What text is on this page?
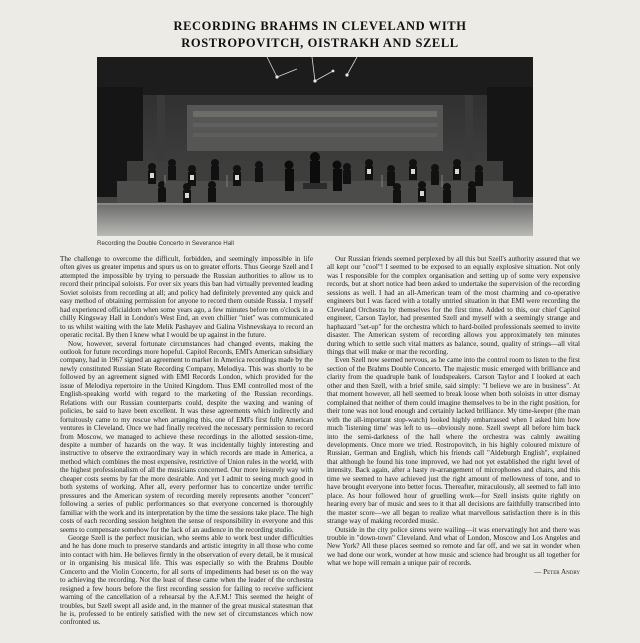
RECORDING BRAHMS IN CLEVELAND WITH
ROSTROPOVITCH, OISTRAKH AND SZELL
Recording the Double Concerto in Severance Hall

The challenge to overcome the difficult, forbidden, and seemingly impossible in life often gives us greater impetus and spurs us on to greater efforts. Thus George Szell and I attempted the impossible by trying to persuade the Russian authorities to allow us to record their principal soloists. For over six years this ban had virtually prevented leading Soviet soloists from recording at all; and policy had definitely prevented any quick and easy method of obtaining permission for anyone to record them outside Russia. I myself had experienced officialdom when some years ago, a few minutes before ten o'clock in a chilly Kingsway Hall in London's West End, an even chillier "niet" was communicated to us whilst waiting with the late Melik Pashayev and Galina Vishnevskaya to record an operatic recital. By then I knew what I would be up against in the future.

Now, however, several fortunate circumstances had changed events, making the outlook for future recordings more hopeful. Capitol Records, EMI's American subsidiary company, had in 1967 signed an agreement to market in America recordings made by the newly constituted Russian State Recording Company, Melodiya. This was shortly to be followed by an agreement signed with EMI Records London, which provided for the issue of Melodiya repertoire in the United Kingdom. Thus EMI controlled most of the English-speaking world with regard to the marketing of the Russian recordings. Relations with our Russian counterparts could, despite the waxing and waning of policies, be said to have been excellent. It was these agreements which indirectly and fortuitously came to my rescue when arranging this, one of EMI's first fully American ventures in Cleveland. Once we had finally received the necessary permission to record from Moscow, we managed to achieve these recordings in the allotted session-time, despite a number of hazards on the way. It was incidentally highly interesting and instructive to observe the extraordinary way in which records are made in America, a method which combines the most expensive, restrictive of Union rules in the world, with the highest professionalism of all the musicians concerned. Our more leisurely way with cheaper costs seems by far the more desirable. And yet I admit to seeing much good in both systems of working. After all, every performer has to concertize under terrific pressures and the American system of recording merely represents another "concert" following a series of public performances so that everyone concerned is thoroughly familiar with the work and its interpretation by the time the sessions take place. The high costs of each recording session heighten the sense of responsibility in everyone and this seems to compensate somehow for the lack of an audience in the recording studio.

George Szell is the perfect musician, who seems able to work best under difficulties and he has done much to preserve standards and artistic integrity in all those who come into contact with him. He believes firmly in the observation of every detail, be it musical or in organising his musical life. This was especially so with the Brahms Double Concerto and the Violin Concerto, for all sorts of impediments had beset us on the way to achieving the recording. Not the least of these came when the leader of the orchestra resigned a few hours before the first recording session for failing to receive sufficient warning of the cancellation of a rehearsal by the A.F.M.! This seemed the height of troubles, but Szell swept all aside and, in the manner of the great musical statesman that he is, professed to be entirely satisfied with the new set of circumstances which now confronted us.

Our Russian friends seemed perplexed by all this but Szell's authority assured that we all kept our "cool"! I seemed to be exposed to an equally explosive situation. Not only was I responsible for the complex organisation and setting up of some very expensive records, but at short notice had been asked to undertake the supervision of the recording sessions as well. I had an all-American team of the most charming and co-operative engineers but I was faced with a totally untried situation in that EMI were recording the Cleveland Orchestra by themselves for the first time. Added to this, our chief Capitol engineer, Carson Taylor, had presented Szell and myself with a seemingly strange and haphazard "set-up" for the orchestra which to hard-boiled professionals seemed to invite disaster. The American system of recording allows you approximately ten minutes during which to settle such vital matters as balance, sound, quality of strings—all vital things that will make or mar the recording.

Even Szell now seemed nervous, as he came into the control room to listen to the first section of the Brahms Double Concerto. The majestic music emerged with brilliance and clarity from the quadruple bank of loudspeakers. Carson Taylor and I looked at each other and then Szell, with a brief smile, said simply: "I believe we are in business". At that moment however, all hell seemed to break loose when both soloists in utter dismay complained that neither of them could imagine themselves to be in the right position, for their tone was not loud enough and certainly lacked brilliance. My time-keeper (the man with the all-important stop-watch) looked highly embarrassed when I asked him how much 'listening time' was left to us—obviously none. Szell swept all before him back into the semi-darkness of the hall where the orchestra was calmly awaiting developments. Once more we tried. Rostropovitch, in his highly coloured mixture of Russian, German and English, which his friends call "Aldeburgh English", explained that although he found his tone improved, we had not yet established the right level of intensity. Back again, after a hasty re-arrangement of microphones and chairs, and this time we seemed to have achieved just the right amount of mellowness of tone, and to have brought everyone into better focus. Thereafter, miraculously, all seemed to fall into place. As hour followed hour of gruelling work—for Szell insists quite rightly on hearing every bar of music and sees to it that all decisions are faithfully transcribed into the master score—we all began to realize what marvellous satisfaction there is in this strange way of making recorded music.

Outside in the city police sirens were wailing—it was enervatingly hot and there was trouble in "down-town" Cleveland. And what of London, Moscow and Los Angeles and New York? All these places seemed so remote and far off, and we sat in wonder when we had done our work, wonder at how music and science had brought us all together for what we hope will remain a unique pair of records.

— Peter Andry
